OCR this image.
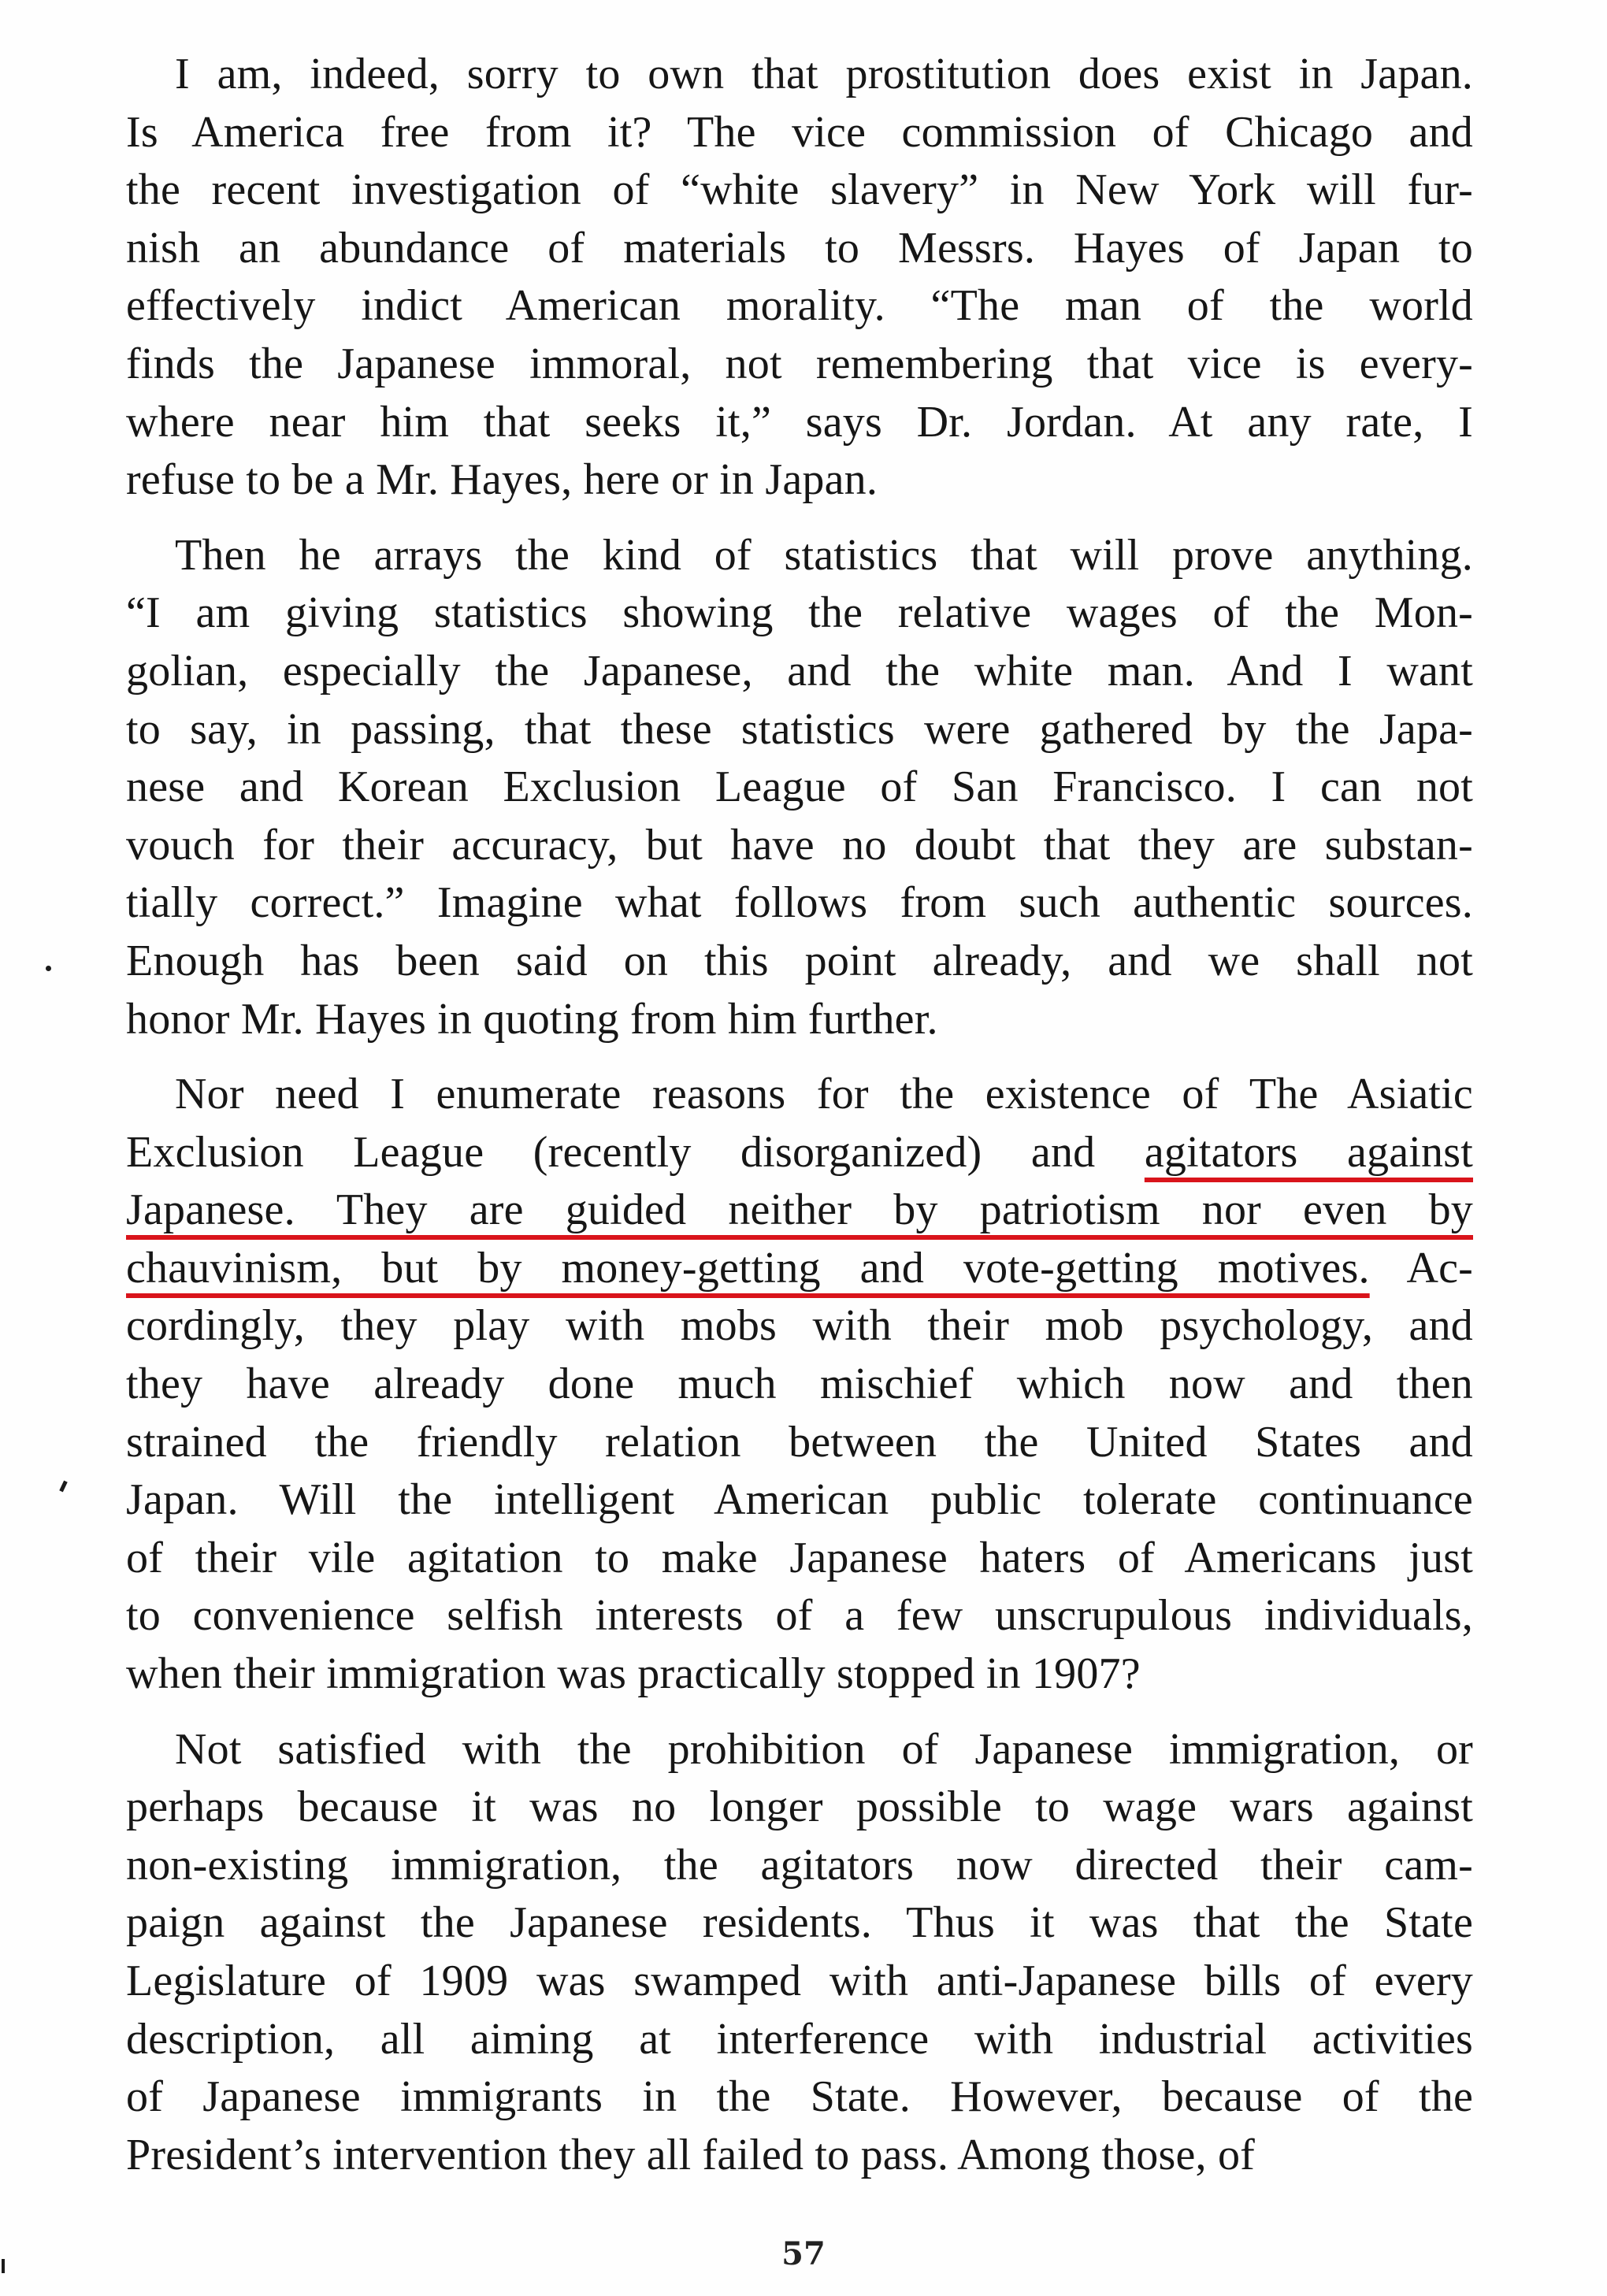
I am, indeed, sorry to own that prostitution does exist in Japan.
Is America free from it? The vice commission of Chicago and
the recent investigation of “white slavery” in New York will fur-
nish an abundance of materials to Messrs. Hayes of Japan to
effectively indict American morality. “The man of the world
finds the Japanese immoral, not remembering that vice is every-
where near him that seeks it,” says Dr. Jordan. At any rate, I
refuse to be a Mr. Hayes, here or in Japan.
Then he arrays the kind of statistics that will prove anything.
“I am giving statistics showing the relative wages of the Mon-
golian, especially the Japanese, and the white man. And I want
to say, in passing, that these statistics were gathered by the Japa-
nese and Korean Exclusion League of San Francisco. I can not
vouch for their accuracy, but have no doubt that they are substan-
tially correct.” Imagine what follows from such authentic sources.
Enough has been said on this point already, and we shall not
honor Mr. Hayes in quoting from him further.
Nor need I enumerate reasons for the existence of The Asiatic
Exclusion League (recently disorganized) and agitators against
Japanese. They are guided neither by patriotism nor even by
chauvinism, but by money-getting and vote-getting motives. Ac-
cordingly, they play with mobs with their mob psychology, and
they have already done much mischief which now and then
strained the friendly relation between the United States and
Japan. Will the intelligent American public tolerate continuance
of their vile agitation to make Japanese haters of Americans just
to convenience selfish interests of a few unscrupulous individuals,
when their immigration was practically stopped in 1907?
Not satisfied with the prohibition of Japanese immigration, or
perhaps because it was no longer possible to wage wars against
non-existing immigration, the agitators now directed their cam-
paign against the Japanese residents. Thus it was that the State
Legislature of 1909 was swamped with anti-Japanese bills of every
description, all aiming at interference with industrial activities
of Japanese immigrants in the State. However, because of the
President’s intervention they all failed to pass. Among those, of
57
